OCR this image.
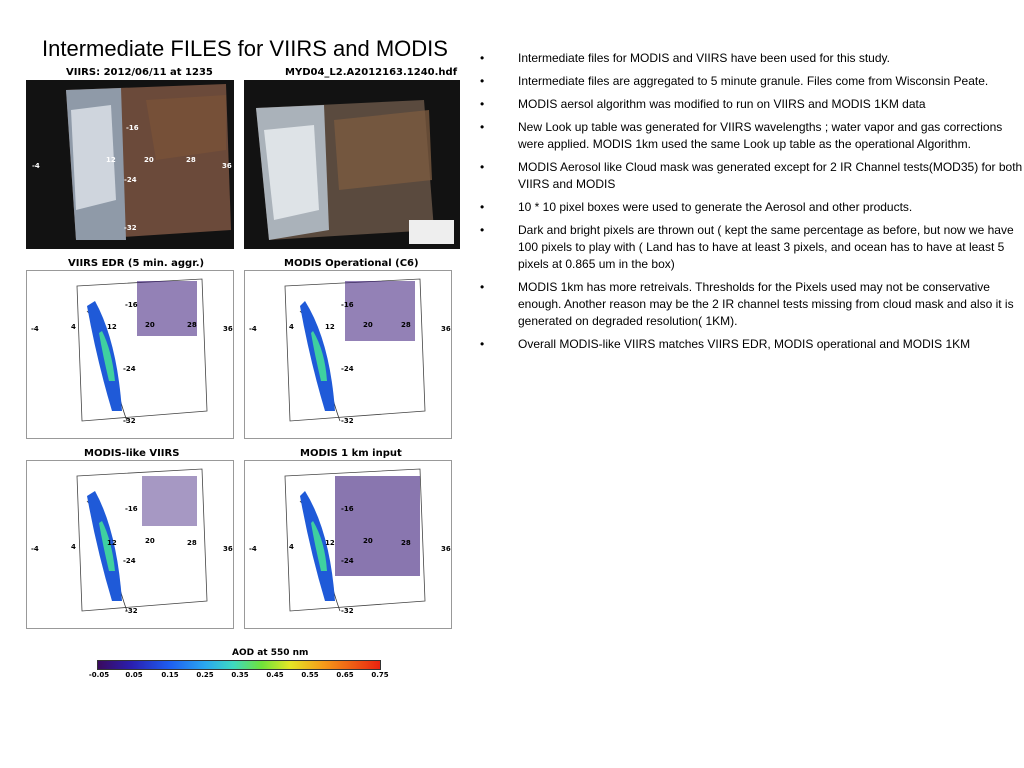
Intermediate FILES for VIIRS and MODIS
VIIRS: 2012/06/11 at 1235
-16
12	20
-24
28
36
-4
-32
MYD04_L2.A2012163.1240.hdf
VIIRS EDR (5 min. aggr.)
-4	4	12	20	28	36
-16
-24
-32
MODIS Operational (C6)
-4	4	12	20	28	36
-16
-24
-32
MODIS-like VIIRS
-4	4	12	20	28
36
-16
-24
-32
MODIS 1 km input
-4	4	12	20	28
36
-16
-24
-32
AOD at 550 nm
-0.05	0.05	0.15	0.25	0.35	0.45	0.55	0.65	0.75
•	Intermediate files for MODIS and VIIRS have been used for this study.
•	Intermediate files are aggregated to 5 minute granule. Files come from Wisconsin Peate.
•	MODIS aersol algorithm was modified to run on VIIRS and MODIS 1KM data
•	New Look up table was generated for VIIRS wavelengths ; water vapor and gas corrections were applied. MODIS 1km used the same Look up table as the operational Algorithm.
•	MODIS Aerosol like Cloud mask was generated except for 2 IR Channel tests(MOD35) for both VIIRS and MODIS
•	10 * 10 pixel boxes were used to generate the Aerosol and other products.
•	Dark and bright pixels are thrown out ( kept the same percentage as before, but now we have 100 pixels to play with ( Land has to have at least 3 pixels, and ocean has to have at least 5 pixels at 0.865 um in the box)
•	MODIS 1km has more retreivals. Thresholds for the Pixels used may not be conservative enough. Another reason may be the 2 IR channel tests missing from cloud mask and also it is generated on degraded resolution( 1KM).
•	Overall MODIS-like VIIRS matches VIIRS EDR, MODIS operational and MODIS 1KM
